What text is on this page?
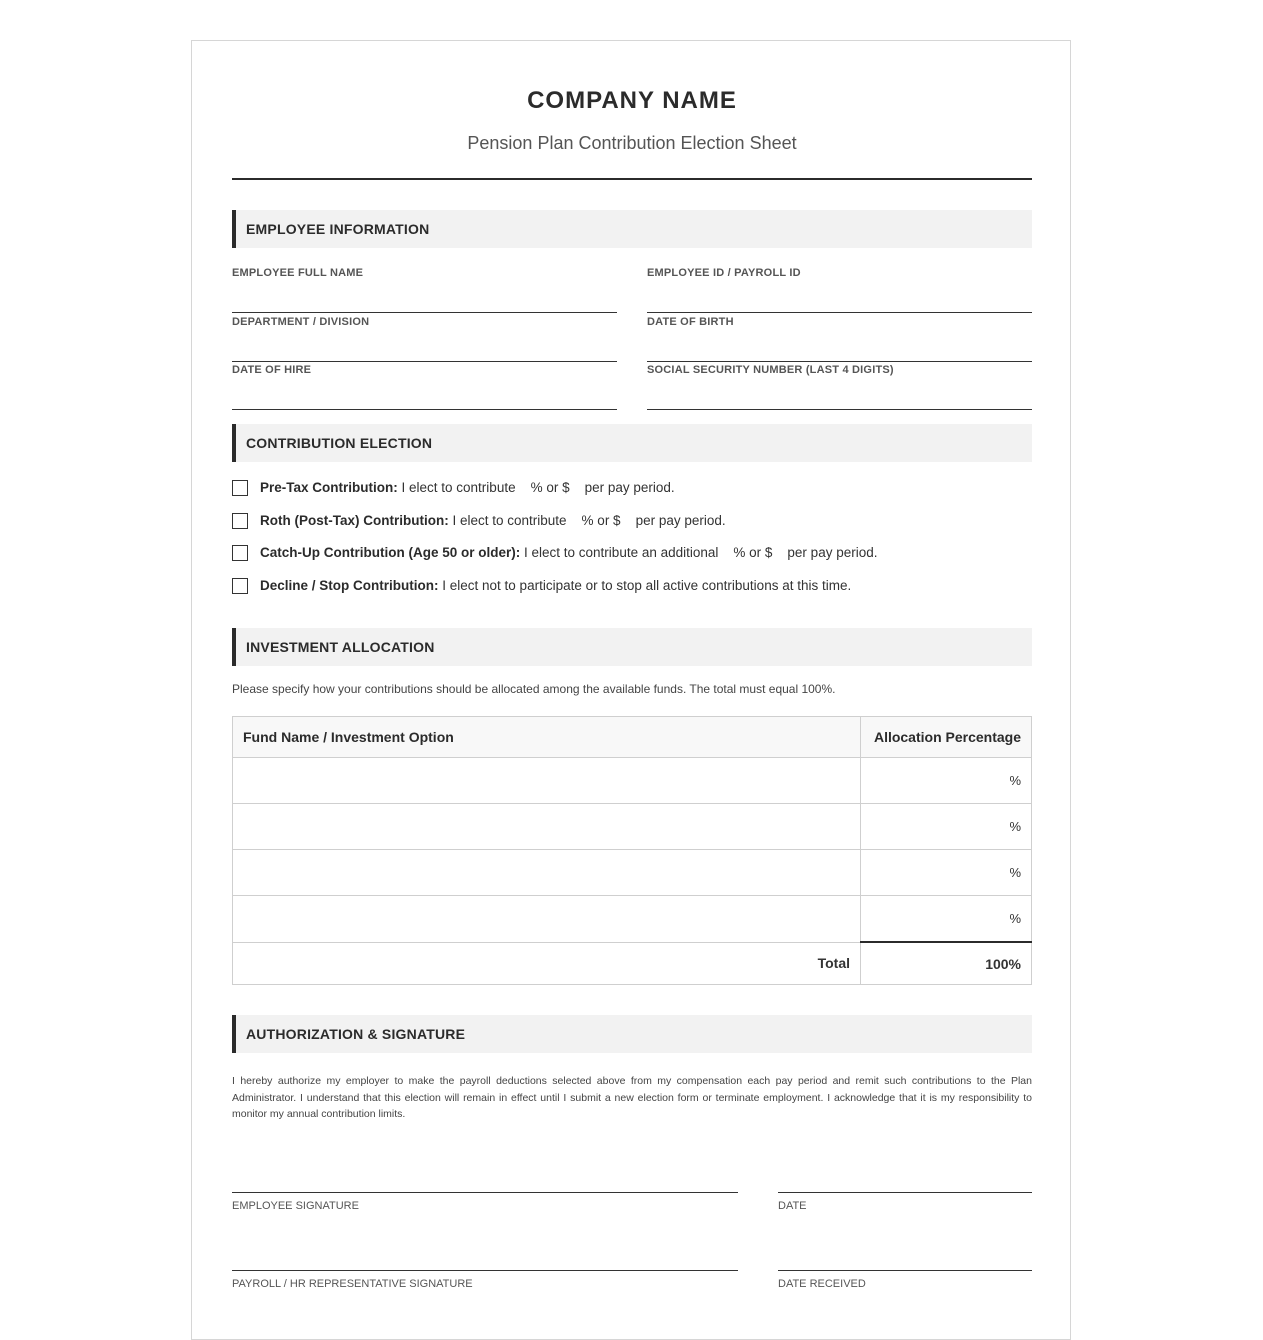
COMPANY NAME
Pension Plan Contribution Election Sheet
EMPLOYEE INFORMATION
EMPLOYEE FULL NAME	EMPLOYEE ID / PAYROLL ID
DEPARTMENT / DIVISION	DATE OF BIRTH
DATE OF HIRE	SOCIAL SECURITY NUMBER (LAST 4 DIGITS)
CONTRIBUTION ELECTION
Pre-Tax Contribution: I elect to contribute    % or $    per pay period.
Roth (Post-Tax) Contribution: I elect to contribute    % or $    per pay period.
Catch-Up Contribution (Age 50 or older): I elect to contribute an additional    % or $    per pay period.
Decline / Stop Contribution: I elect not to participate or to stop all active contributions at this time.
INVESTMENT ALLOCATION
Please specify how your contributions should be allocated among the available funds. The total must equal 100%.
Fund Name / Investment Option	Allocation Percentage
	%
	%
	%
	%
Total	100%
AUTHORIZATION & SIGNATURE
I hereby authorize my employer to make the payroll deductions selected above from my compensation each pay period and remit such contributions to the Plan Administrator. I understand that this election will remain in effect until I submit a new election form or terminate employment. I acknowledge that it is my responsibility to monitor my annual contribution limits.
EMPLOYEE SIGNATURE	DATE
PAYROLL / HR REPRESENTATIVE SIGNATURE	DATE RECEIVED
